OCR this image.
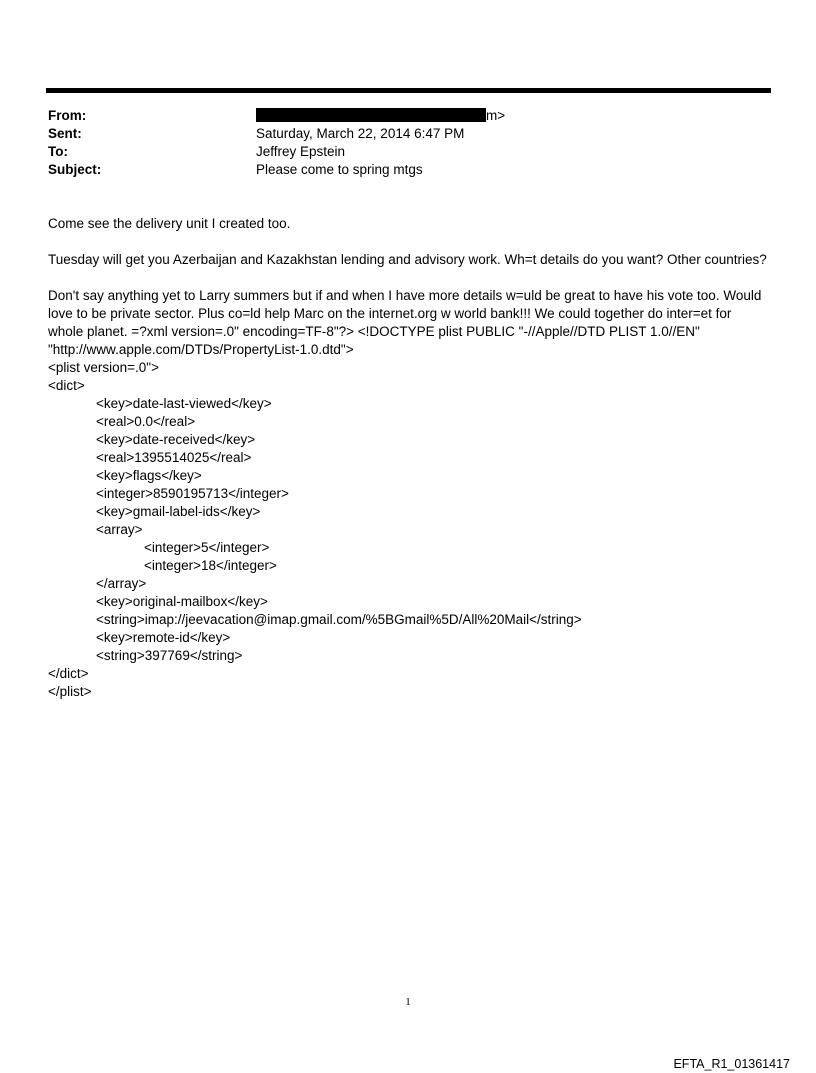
From:	m>
Sent:	Saturday, March 22, 2014 6:47 PM
To:	Jeffrey Epstein
Subject:	Please come to spring mtgs
Come see the delivery unit I created too.
Tuesday will get you Azerbaijan and Kazakhstan lending and advisory work. Wh=t details do you want? Other countries?
Don't say anything yet to Larry summers but if and when I have more details w=uld be great to have his vote too. Would
love to be private sector. Plus co=ld help Marc on the internet.org w world bank!!! We could together do inter=et for
whole planet. =?xml version=.0" encoding=TF-8"?> <!DOCTYPE plist PUBLIC "-//Apple//DTD PLIST 1.0//EN"
"http://www.apple.com/DTDs/PropertyList-1.0.dtd">
<plist version=.0">
<dict>
<key>date-last-viewed</key>
<real>0.0</real>
<key>date-received</key>
<real>1395514025</real>
<key>flags</key>
<integer>8590195713</integer>
<key>gmail-label-ids</key>
<array>
<integer>5</integer>
<integer>18</integer>
</array>
<key>original-mailbox</key>
<string>imap://jeevacation@imap.gmail.com/%5BGmail%5D/All%20Mail</string>
<key>remote-id</key>
<string>397769</string>
</dict>
</plist>
1
EFTA_R1_01361417
